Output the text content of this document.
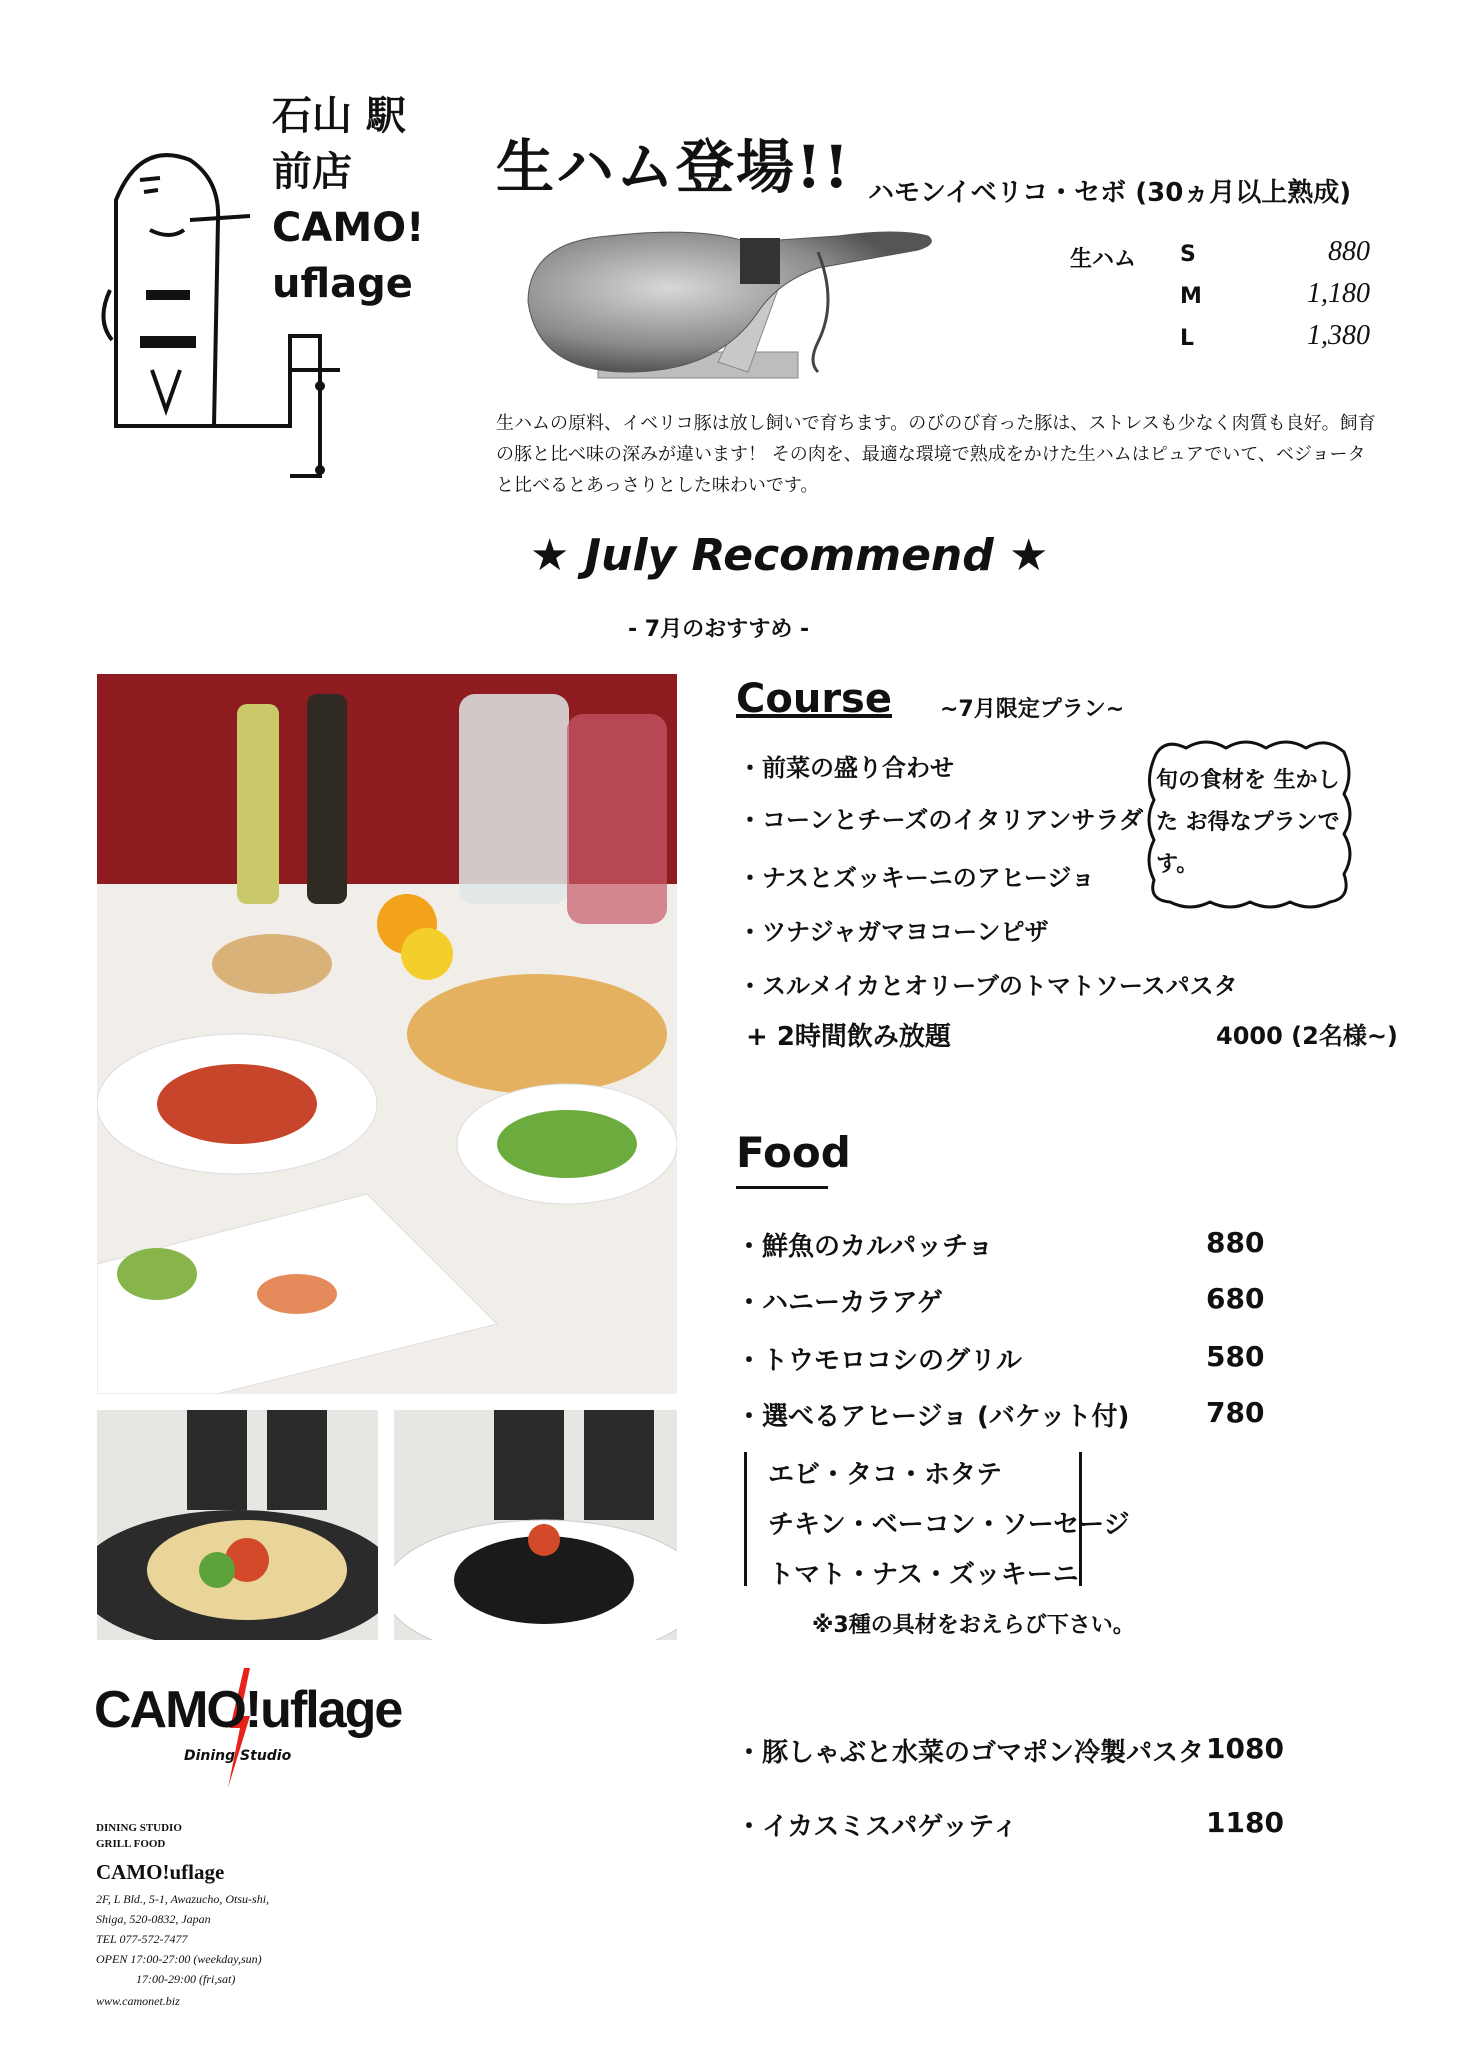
石山 駅前店 CAMO! uflage
生ハム登場!! ハモンイベリコ・セボ (30ヵ月以上熟成)
生ハム	S	880
M	1,180
L	1,380
生ハムの原料、イベリコ豚は放し飼いで育ちます。のびのび育った豚は、ストレスも少なく肉質も良好。飼育の豚と比べ味の深みが違います！ その肉を、最適な環境で熟成をかけた生ハムはピュアでいて、ベジョータと比べるとあっさりとした味わいです。
★ July Recommend ★
- 7月のおすすめ -
Course ~7月限定プラン~
・前菜の盛り合わせ
・コーンとチーズのイタリアンサラダ
・ナスとズッキーニのアヒージョ
・ツナジャガマヨコーンピザ
・スルメイカとオリーブのトマトソースパスタ
+ 2時間飲み放題	4000 (2名様~)
旬の食材を 生かした お得なプランです。
Food
・鮮魚のカルパッチョ	880
・ハニーカラアゲ	680
・トウモロコシのグリル	580
・選べるアヒージョ (バケット付)	780
エビ・タコ・ホタテ
チキン・ベーコン・ソーセージ
トマト・ナス・ズッキーニ
※3種の具材をおえらび下さい。
・豚しゃぶと水菜のゴマポン冷製パスタ 1080
・イカスミスパゲッティ	1180
CAMO!uflage
Dining Studio
DINING STUDIO
GRILL FOOD
CAMO!uflage
2F, L Bld., 5-1, Awazucho, Otsu-shi,
Shiga, 520-0832, Japan
TEL 077-572-7477
OPEN 17:00-27:00 (weekday,sun)
17:00-29:00 (fri,sat)
www.camonet.biz
